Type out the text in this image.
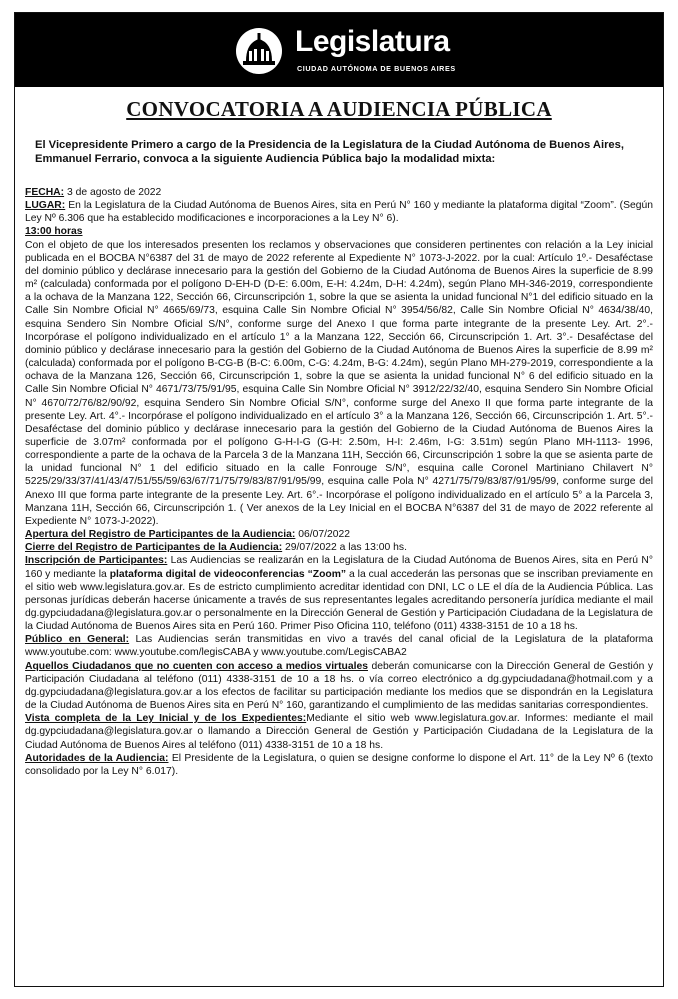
Legislatura
CIUDAD AUTÓNOMA DE BUENOS AIRES
CONVOCATORIA A AUDIENCIA PÚBLICA
El Vicepresidente Primero a cargo de la Presidencia de la Legislatura de la Ciudad Autónoma de Buenos Aires, Emmanuel Ferrario, convoca a la siguiente Audiencia Pública bajo la modalidad mixta:

FECHA: 3 de agosto de 2022

LUGAR: En la Legislatura de la Ciudad Autónoma de Buenos Aires, sita en Perú N° 160 y mediante la plataforma digital “Zoom”. (Según Ley Nº 6.306 que ha establecido modificaciones e incorporaciones a la Ley N° 6).

13:00 horas

Con el objeto de que los interesados presenten los reclamos y observaciones que consideren pertinentes con relación a la Ley inicial publicada en el BOCBA N°6387 del 31 de mayo de 2022 referente al Expediente N° 1073-J-2022. por la cual: Artículo 1º.- Desaféctase del dominio público y declárase innecesario para la gestión del Gobierno de la Ciudad Autónoma de Buenos Aires la superficie de 8.99 m² (calculada) conformada por el polígono D-EH-D (D-E: 6.00m, E-H: 4.24m, D-H: 4.24m), según Plano MH-346-2019, correspondiente a la ochava de la Manzana 122, Sección 66, Circunscripción 1, sobre la que se asienta la unidad funcional N°1 del edificio situado en la Calle Sin Nombre Oficial N° 4665/69/73, esquina Calle Sin Nombre Oficial N° 3954/56/82, Calle Sin Nombre Oficial N° 4634/38/40, esquina Sendero Sin Nombre Oficial S/N°, conforme surge del Anexo I que forma parte integrante de la presente Ley. Art. 2°.- Incorpórase el polígono individualizado en el artículo 1° a la Manzana 122, Sección 66, Circunscripción 1. Art. 3°.- Desaféctase del dominio público y declárase innecesario para la gestión del Gobierno de la Ciudad Autónoma de Buenos Aires la superficie de 8.99 m² (calculada) conformada por el polígono B-CG-B (B-C: 6.00m, C-G: 4.24m, B-G: 4.24m), según Plano MH-279-2019, correspondiente a la ochava de la Manzana 126, Sección 66, Circunscripción 1, sobre la que se asienta la unidad funcional N° 6 del edificio situado en la Calle Sin Nombre Oficial N° 4671/73/75/91/95, esquina Calle Sin Nombre Oficial N° 3912/22/32/40, esquina Sendero Sin Nombre Oficial N° 4670/72/76/82/90/92, esquina Sendero Sin Nombre Oficial S/N°, conforme surge del Anexo II que forma parte integrante de la presente Ley. Art. 4°.- Incorpórase el polígono individualizado en el artículo 3° a la Manzana 126, Sección 66, Circunscripción 1. Art. 5°.- Desaféctase del dominio público y declárase innecesario para la gestión del Gobierno de la Ciudad Autónoma de Buenos Aires la superficie de 3.07m² conformada por el polígono G-H-I-G (G-H: 2.50m, H-I: 2.46m, I-G: 3.51m) según Plano MH-1113- 1996, correspondiente a parte de la ochava de la Parcela 3 de la Manzana 11H, Sección 66, Circunscripción 1 sobre la que se asienta parte de la unidad funcional N° 1 del edificio situado en la calle Fonrouge S/N°, esquina calle Coronel Martiniano Chilavert N° 5225/29/33/37/41/43/47/51/55/59/63/67/71/75/79/83/87/91/95/99, esquina calle Pola N° 4271/75/79/83/87/91/95/99, conforme surge del Anexo III que forma parte integrante de la presente Ley. Art. 6°.- Incorpórase el polígono individualizado en el artículo 5° a la Parcela 3, Manzana 11H, Sección 66, Circunscripción 1. ( Ver anexos de la Ley Inicial en el BOCBA N°6387 del 31 de mayo de 2022 referente al Expediente N° 1073-J-2022).

Apertura del Registro de Participantes de la Audiencia: 06/07/2022

Cierre del Registro de Participantes de la Audiencia: 29/07/2022 a las 13:00 hs.

Inscripción de Participantes: Las Audiencias se realizarán en la Legislatura de la Ciudad Autónoma de Buenos Aires, sita en Perú N° 160 y mediante la plataforma digital de videoconferencias “Zoom” a la cual accederán las personas que se inscriban previamente en el sitio web www.legislatura.gov.ar. Es de estricto cumplimiento acreditar identidad con DNI, LC o LE el día de la Audiencia Pública. Las personas jurídicas deberán hacerse únicamente a través de sus representantes legales acreditando personería jurídica mediante el mail dg.gypciudadana@legislatura.gov.ar o personalmente en la Dirección General de Gestión y Participación Ciudadana de la Legislatura de la Ciudad Autónoma de Buenos Aires sita en Perú 160. Primer Piso Oficina 110, teléfono (011) 4338-3151 de 10 a 18 hs.

Público en General: Las Audiencias serán transmitidas en vivo a través del canal oficial de la Legislatura de la plataforma www.youtube.com: www.youtube.com/legisCABA y www.youtube.com/LegisCABA2

Aquellos Ciudadanos que no cuenten con acceso a medios virtuales deberán comunicarse con la Dirección General de Gestión y Participación Ciudadana al teléfono (011) 4338-3151 de 10 a 18 hs. o vía correo electrónico a dg.gypciudadana@hotmail.com y a dg.gypciudadana@legislatura.gov.ar a los efectos de facilitar su participación mediante los medios que se dispondrán en la Legislatura de la Ciudad Autónoma de Buenos Aires sita en Perú N° 160, garantizando el cumplimiento de las medidas sanitarias correspondientes.

Vista completa de la Ley Inicial y de los Expedientes:Mediante el sitio web www.legislatura.gov.ar. Informes: mediante el mail dg.gypciudadana@legislatura.gov.ar o llamando a Dirección General de Gestión y Participación Ciudadana de la Legislatura de la Ciudad Autónoma de Buenos Aires al teléfono (011) 4338-3151 de 10 a 18 hs.

Autoridades de la Audiencia: El Presidente de la Legislatura, o quien se designe conforme lo dispone el Art. 11° de la Ley Nº 6 (texto consolidado por la Ley N° 6.017).
